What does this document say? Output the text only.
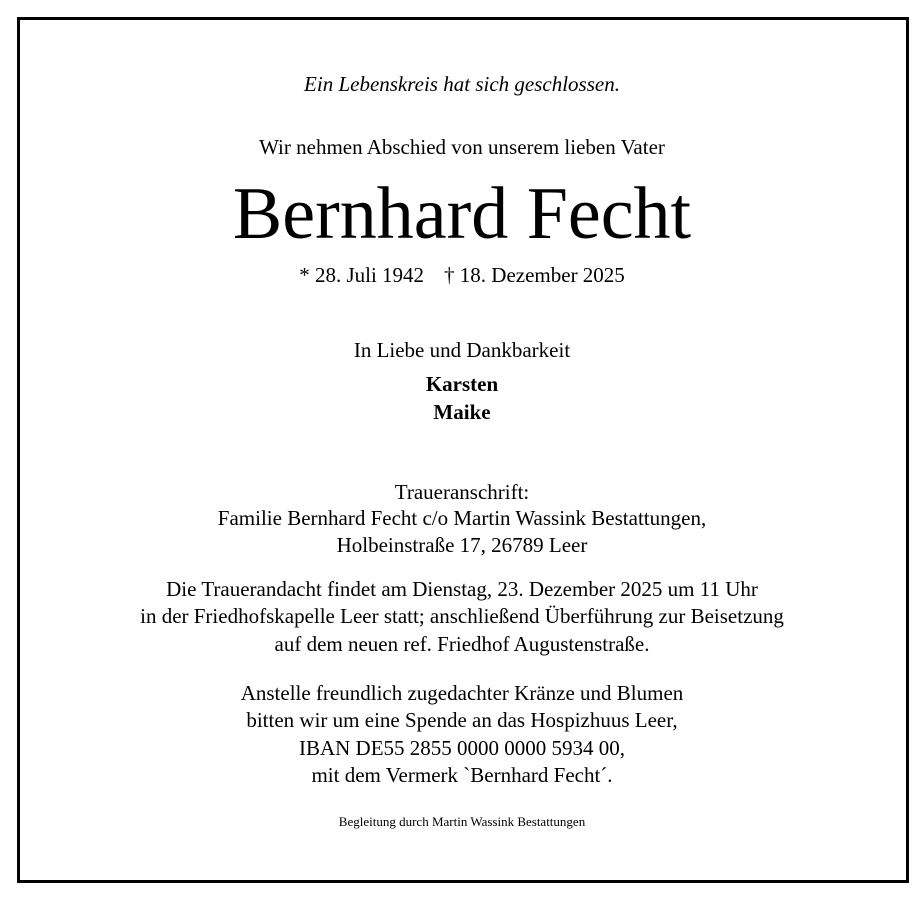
Ein Lebenskreis hat sich geschlossen.
Wir nehmen Abschied von unserem lieben Vater
Bernhard Fecht
* 28. Juli 1942 † 18. Dezember 2025
In Liebe und Dankbarkeit
Karsten
Maike
Traueranschrift:
Familie Bernhard Fecht c/o Martin Wassink Bestattungen,
Holbeinstraße 17, 26789 Leer
Die Trauerandacht findet am Dienstag, 23. Dezember 2025 um 11 Uhr
in der Friedhofskapelle Leer statt; anschließend Überführung zur Beisetzung
auf dem neuen ref. Friedhof Augustenstraße.
Anstelle freundlich zugedachter Kränze und Blumen
bitten wir um eine Spende an das Hospizhuus Leer,
IBAN DE55 2855 0000 0000 5934 00,
mit dem Vermerk `Bernhard Fecht´.
Begleitung durch Martin Wassink Bestattungen
